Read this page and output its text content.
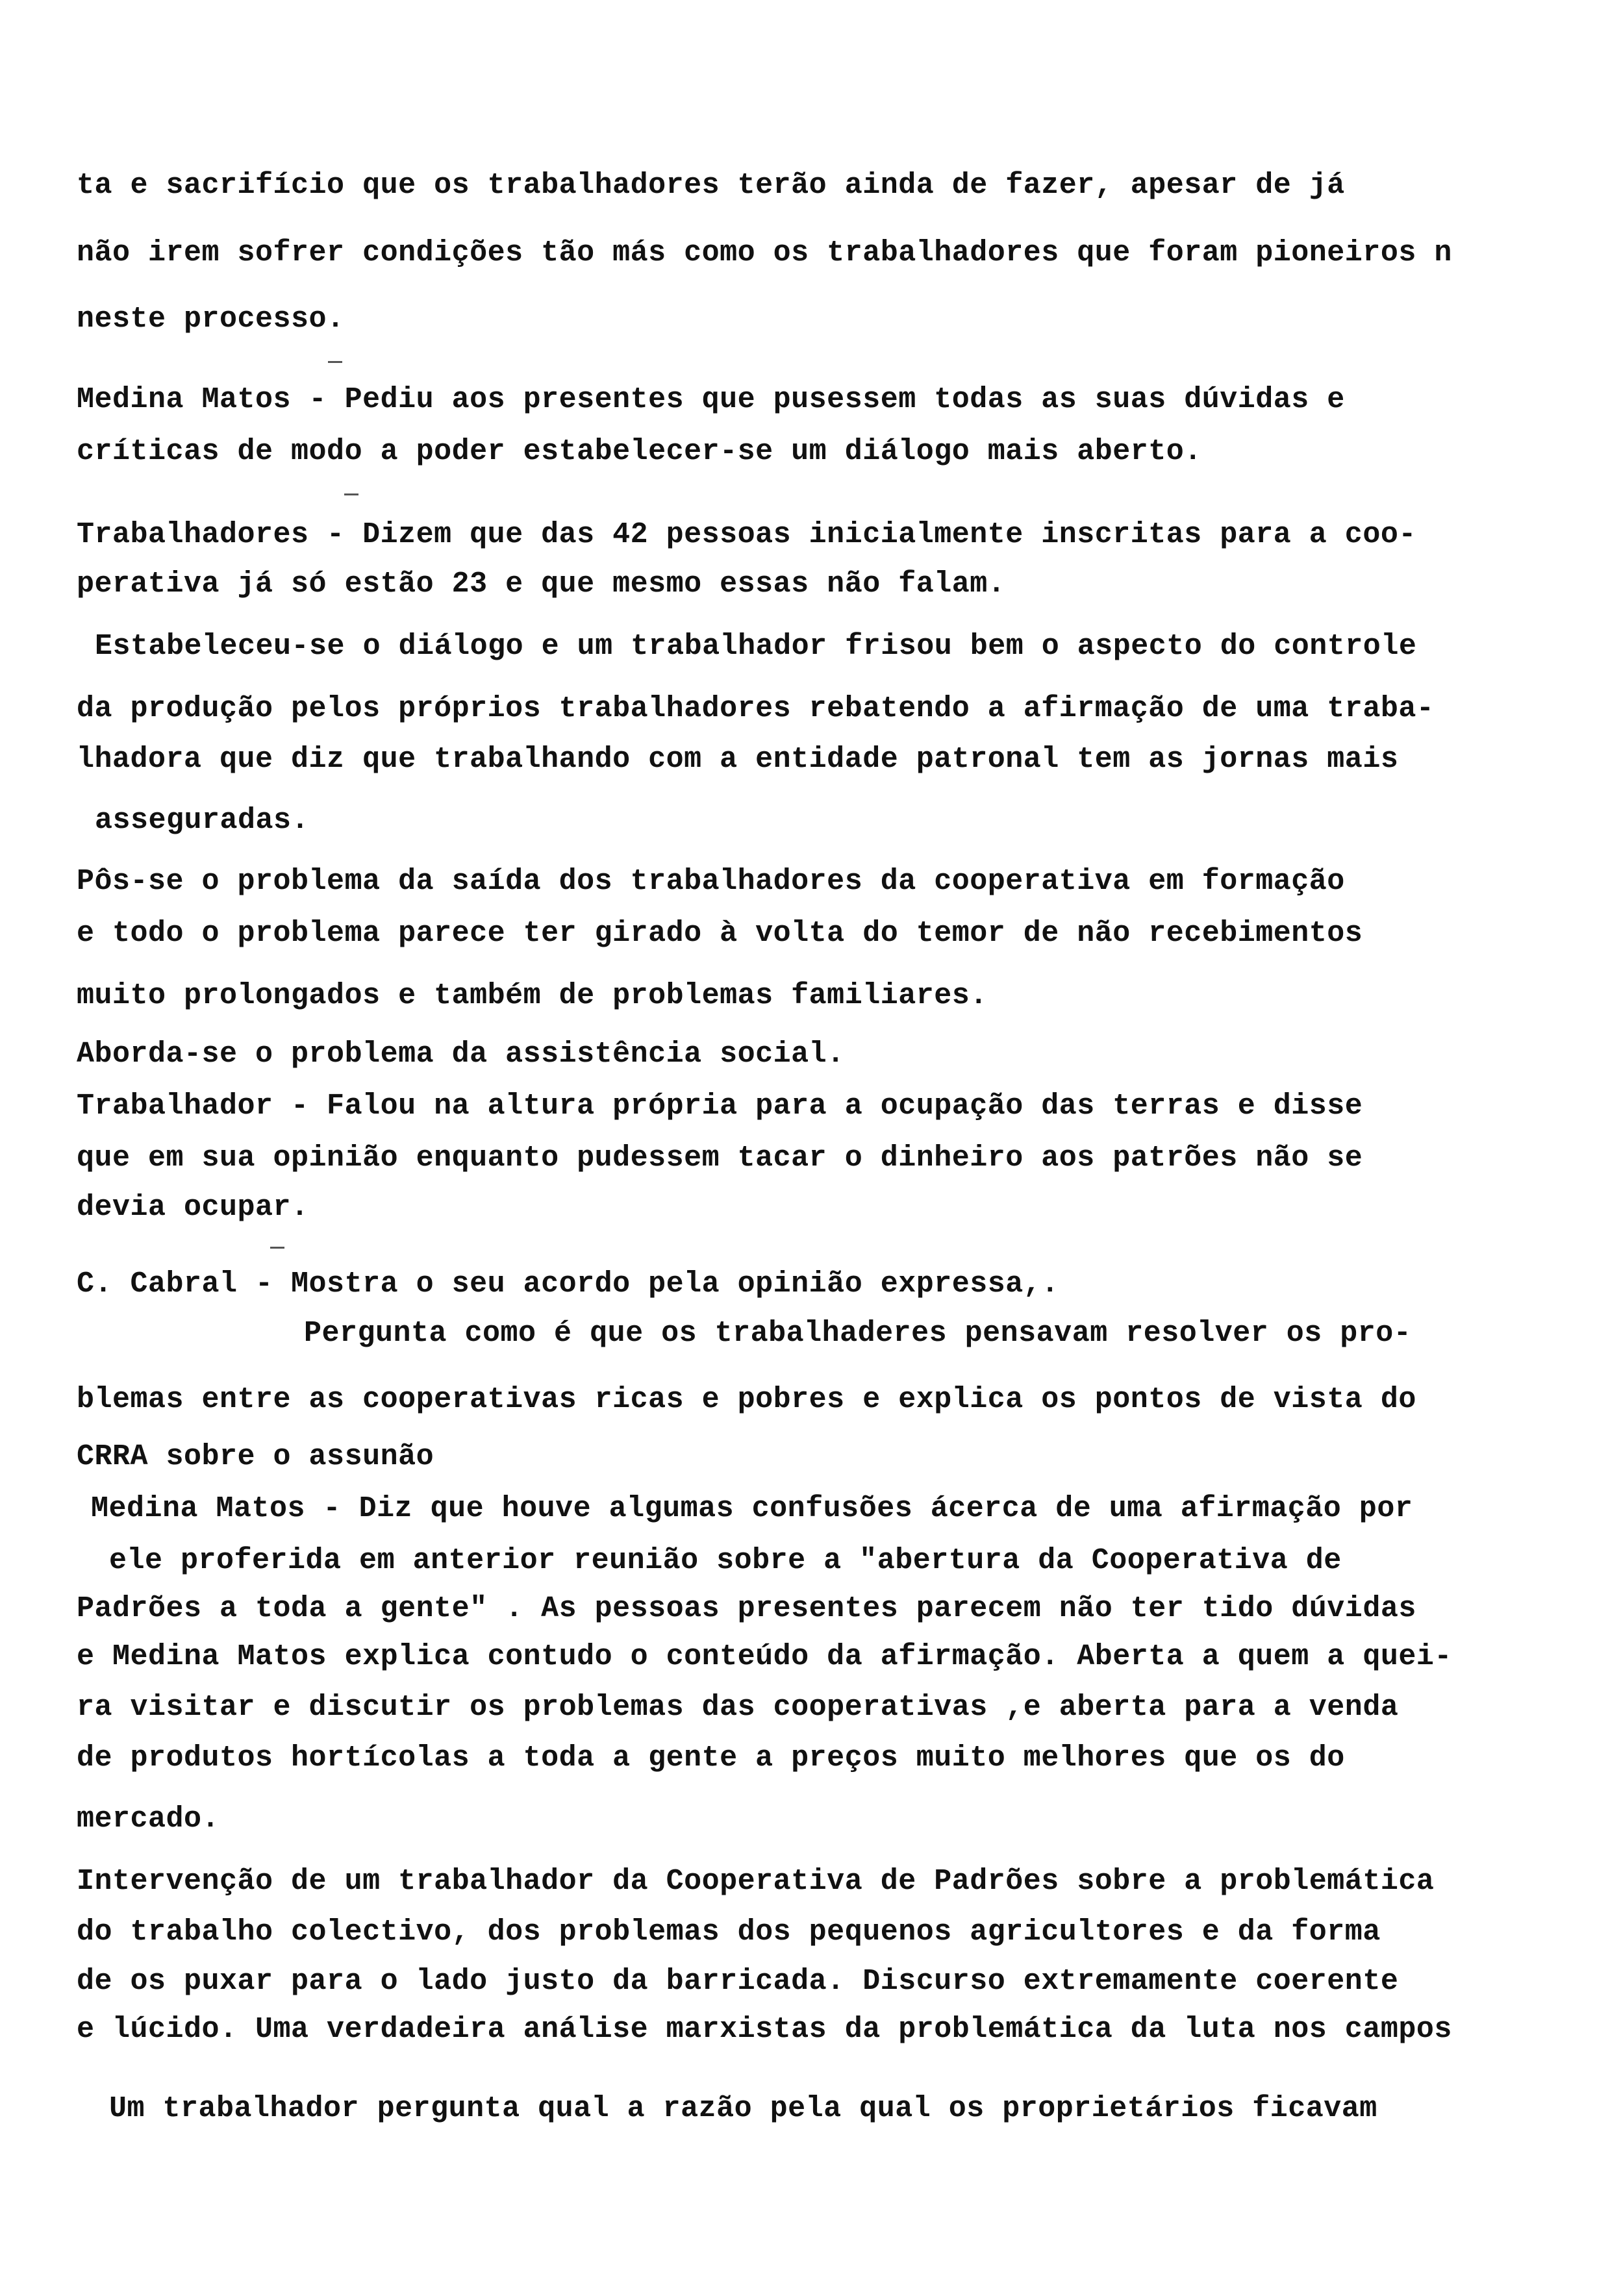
ta e sacrifício que os trabalhadores terão ainda de fazer, apesar de já
não irem sofrer condições tão más como os trabalhadores que foram pioneiros n
neste processo.
Medina Matos - Pediu aos presentes que pusessem todas as suas dúvidas e
críticas de modo a poder estabelecer-se um diálogo mais aberto.
Trabalhadores - Dizem que das 42 pessoas inicialmente inscritas para a coo-
perativa já só estão 23 e que mesmo essas não falam.
Estabeleceu-se o diálogo e um trabalhador frisou bem o aspecto do controle
da produção pelos próprios trabalhadores rebatendo a afirmação de uma traba-
lhadora que diz que trabalhando com a entidade patronal tem as jornas mais
asseguradas.
Pôs-se o problema da saída dos trabalhadores da cooperativa em formação
e todo o problema parece ter girado à volta do temor de não recebimentos
muito prolongados e também de problemas familiares.
Aborda-se o problema da assistência social.
Trabalhador - Falou na altura própria para a ocupação das terras e disse
que em sua opinião enquanto pudessem tacar o dinheiro aos patrões não se
devia ocupar.
C. Cabral - Mostra o seu acordo pela opinião expressa,.
Pergunta como é que os trabalhaderes pensavam resolver os pro-
blemas entre as cooperativas ricas e pobres e explica os pontos de vista do
CRRA sobre o assunão
Medina Matos - Diz que houve algumas confusões ácerca de uma afirmação por
ele proferida em anterior reunião sobre a "abertura da Cooperativa de
Padrões a toda a gente" . As pessoas presentes parecem não ter tido dúvidas
e Medina Matos explica contudo o conteúdo da afirmação. Aberta a quem a quei-
ra visitar e discutir os problemas das cooperativas ,e aberta para a venda
de produtos hortícolas a toda a gente a preços muito melhores que os do
mercado.
Intervenção de um trabalhador da Cooperativa de Padrões sobre a problemática
do trabalho colectivo, dos problemas dos pequenos agricultores e da forma
de os puxar para o lado justo da barricada. Discurso extremamente coerente
e lúcido. Uma verdadeira análise marxistas da problemática da luta nos campos
Um trabalhador pergunta qual a razão pela qual os proprietários ficavam
